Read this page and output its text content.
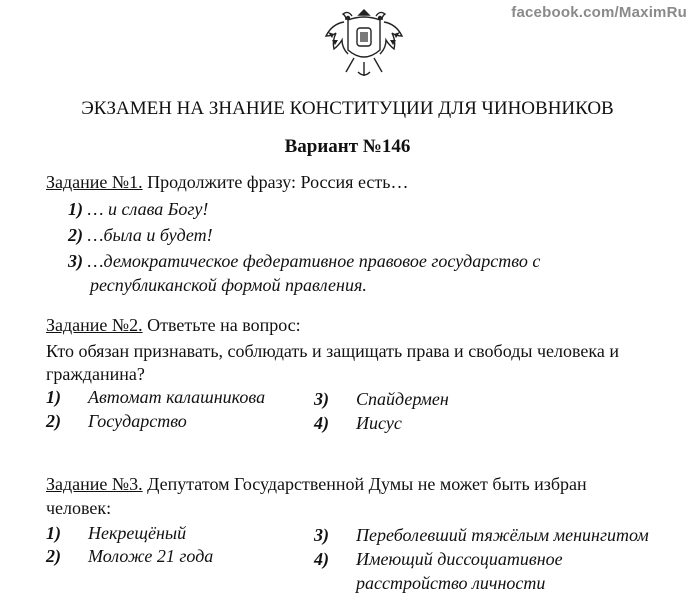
facebook.com/MaximRu
ЭКЗАМЕН НА ЗНАНИЕ КОНСТИТУЦИИ ДЛЯ ЧИНОВНИКОВ
Вариант №146
Задание №1. Продолжите фразу: Россия есть…
1) … и слава Богу!
2) …была и будет!
3) …демократическое федеративное правовое государство с
республиканской формой правления.
Задание №2. Ответьте на вопрос:
Кто обязан признавать, соблюдать и защищать права и свободы человека и
гражданина?
1) Автомат калашникова
2) Государство
3) Спайдермен
4) Иисус
Задание №3. Депутатом Государственной Думы не может быть избран
человек:
1) Некрещёный
2) Моложе 21 года
3) Переболевший тяжёлым менингитом
4) Имеющий диссоциативное
расстройство личности
